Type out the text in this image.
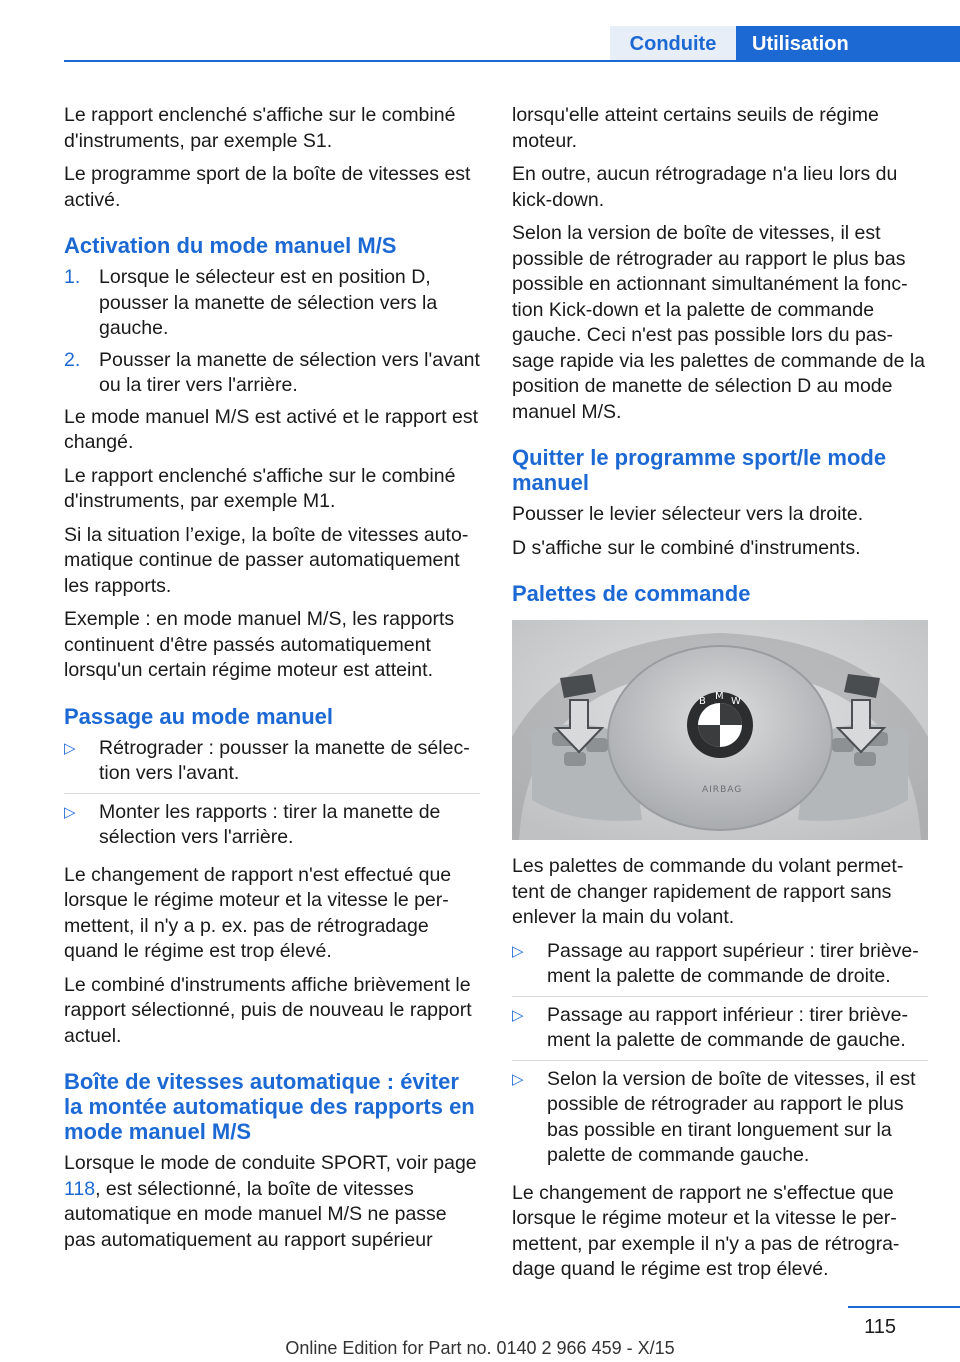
Conduite	Utilisation

Le rapport enclenché s'affiche sur le combiné d'instruments, par exemple S1.

Le programme sport de la boîte de vitesses est activé.

Activation du mode manuel M/S
1. Lorsque le sélecteur est en position D, pousser la manette de sélection vers la gauche.
2. Pousser la manette de sélection vers l'avant ou la tirer vers l'arrière.

Le mode manuel M/S est activé et le rapport est changé.

Le rapport enclenché s'affiche sur le combiné d'instruments, par exemple M1.

Si la situation l’exige, la boîte de vitesses automatique continue de passer automatiquement les rapports.

Exemple : en mode manuel M/S, les rapports continuent d'être passés automatiquement lorsqu'un certain régime moteur est atteint.

Passage au mode manuel
▷	Rétrograder : pousser la manette de sélection vers l'avant.
▷	Monter les rapports : tirer la manette de sélection vers l'arrière.

Le changement de rapport n'est effectué que lorsque le régime moteur et la vitesse le permettent, il n'y a p. ex. pas de rétrogradage quand le régime est trop élevé.

Le combiné d'instruments affiche brièvement le rapport sélectionné, puis de nouveau le rapport actuel.

Boîte de vitesses automatique : éviter la montée automatique des rapports en mode manuel M/S

Lorsque le mode de conduite SPORT, voir page 118, est sélectionné, la boîte de vitesses automatique en mode manuel M/S ne passe pas automatiquement au rapport supérieur

lorsqu'elle atteint certains seuils de régime moteur.

En outre, aucun rétrogradage n'a lieu lors du kick-down.

Selon la version de boîte de vitesses, il est possible de rétrograder au rapport le plus bas possible en actionnant simultanément la fonction Kick-down et la palette de commande gauche. Ceci n'est pas possible lors du passage rapide via les palettes de commande de la position de manette de sélection D au mode manuel M/S.

Quitter le programme sport/le mode manuel

Pousser le levier sélecteur vers la droite.

D s'affiche sur le combiné d'instruments.

Palettes de commande
B M W
AIRBAG

Les palettes de commande du volant permettent de changer rapidement de rapport sans enlever la main du volant.

▷	Passage au rapport supérieur : tirer brièvement la palette de commande de droite.
▷	Passage au rapport inférieur : tirer brièvement la palette de commande de gauche.
▷	Selon la version de boîte de vitesses, il est possible de rétrograder au rapport le plus bas possible en tirant longuement sur la palette de commande gauche.

Le changement de rapport ne s'effectue que lorsque le régime moteur et la vitesse le permettent, par exemple il n'y a pas de rétrogradage quand le régime est trop élevé.

115
Online Edition for Part no. 0140 2 966 459 - X/15
